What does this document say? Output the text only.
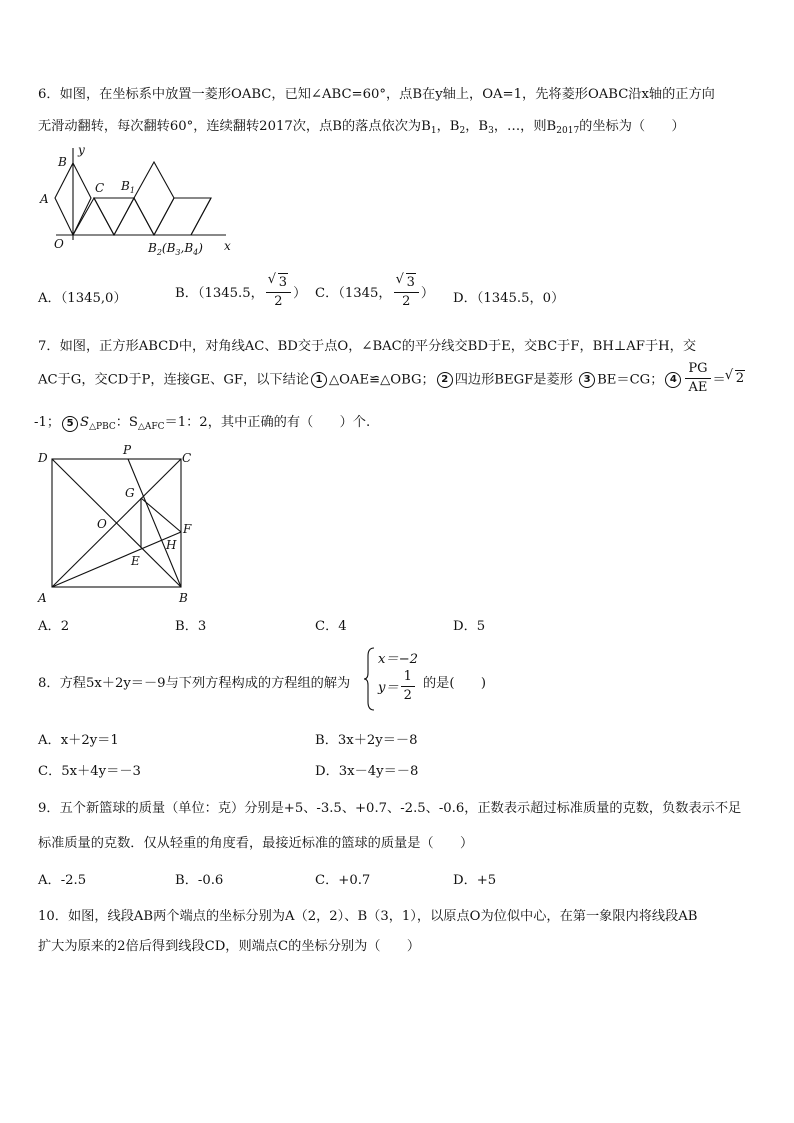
6．如图，在坐标系中放置一菱形OABC，已知∠ABC=60°，点B在y轴上，OA=1，先将菱形OABC沿x轴的正方向
无滑动翻转，每次翻转60°，连续翻转2017次，点B的落点依次为$B_1$，$B_2$，$B_3$，…，则$B_{2017}$的坐标为（　　）
B
y
A
C $B_1$
O	$B_2(B_3,B_4)$ x
A．（1345,0）	B．（1345.5， √ $\frac{3}{2}$ ） C．（1345， √ $\frac{3}{2}$ ） D．（1345.5，0）
7．如图，正方形ABCD中，对角线AC、BD交于点O，∠BAC的平分线交BD于E，交BC于F，BH⊥AF于H，交
AC于G，交CD于P，连接GE、GF，以下结论 1 △OAE≌△OBG； 2 四边形BEGF是菱形 3 BE＝CG； $4 \frac{PG}{AE}$ ＝ √ 2
-1； 5 $S_{\triangle PBC}$：$S_{\triangle AFC}=1$：2，其中正确的有（　　）个.
D
P
C
G
O	F
H
E
A	B
A．2	B．3	C．4	D．5
8．方程5x＋2y＝－9与下列方程构成的方程组的解为
x＝−2
$y= \frac{1}{2}$ 的是(　　)
A．x＋2y＝1	B．3x＋2y＝－8
C．5x＋4y＝－3	D．3x－4y＝－8
9．五个新篮球的质量（单位：克）分别是+5、-3.5、+0.7、-2.5、-0.6，正数表示超过标准质量的克数，负数表示不足
标准质量的克数．仅从轻重的角度看，最接近标准的篮球的质量是（　　）
A．-2.5	B．-0.6	C．+0.7	D．+5
10．如图，线段AB两个端点的坐标分别为A（2，2）、B（3，1），以原点O为位似中心，在第一象限内将线段AB
扩大为原来的2倍后得到线段CD，则端点C的坐标分别为（　　）
